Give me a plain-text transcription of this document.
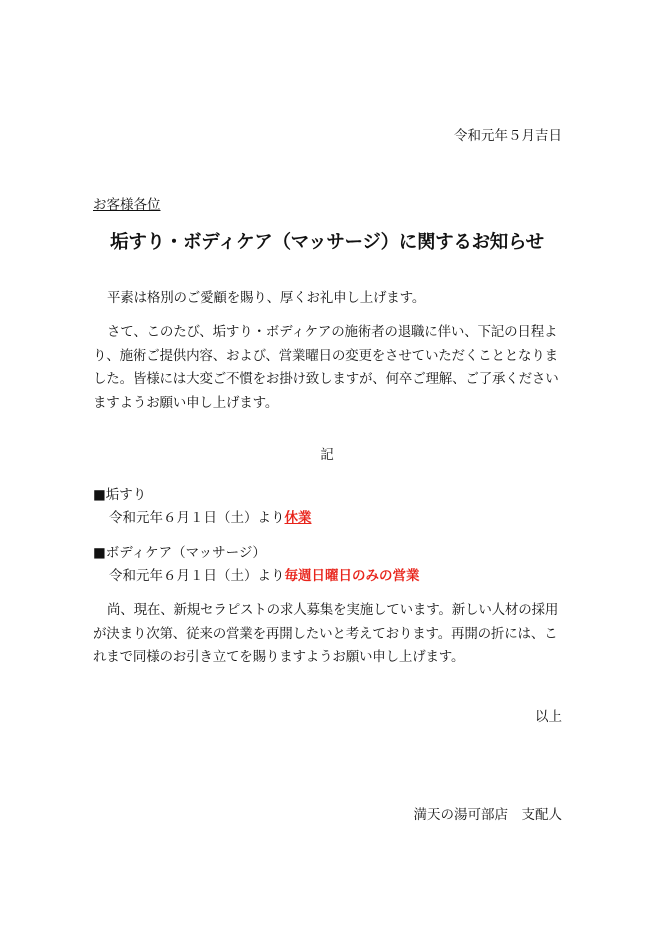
令和元年５月吉日
お客様各位
垢すり・ボディケア（マッサージ）に関するお知らせ

平素は格別のご愛顧を賜り、厚くお礼申し上げます。

さて、このたび、垢すり・ボディケアの施術者の退職に伴い、下記の日程より、施術ご提供内容、および、営業曜日の変更をさせていただくこととなりました。皆様には大変ご不慣をお掛け致しますが、何卒ご理解、ご了承くださいますようお願い申し上げます。

記
■垢すり
令和元年６月１日（土）より休業
■ボディケア（マッサージ）
令和元年６月１日（土）より毎週日曜日のみの営業

尚、現在、新規セラピストの求人募集を実施しています。新しい人材の採用が決まり次第、従来の営業を再開したいと考えております。再開の折には、これまで同様のお引き立てを賜りますようお願い申し上げます。

以上
満天の湯可部店　支配人
